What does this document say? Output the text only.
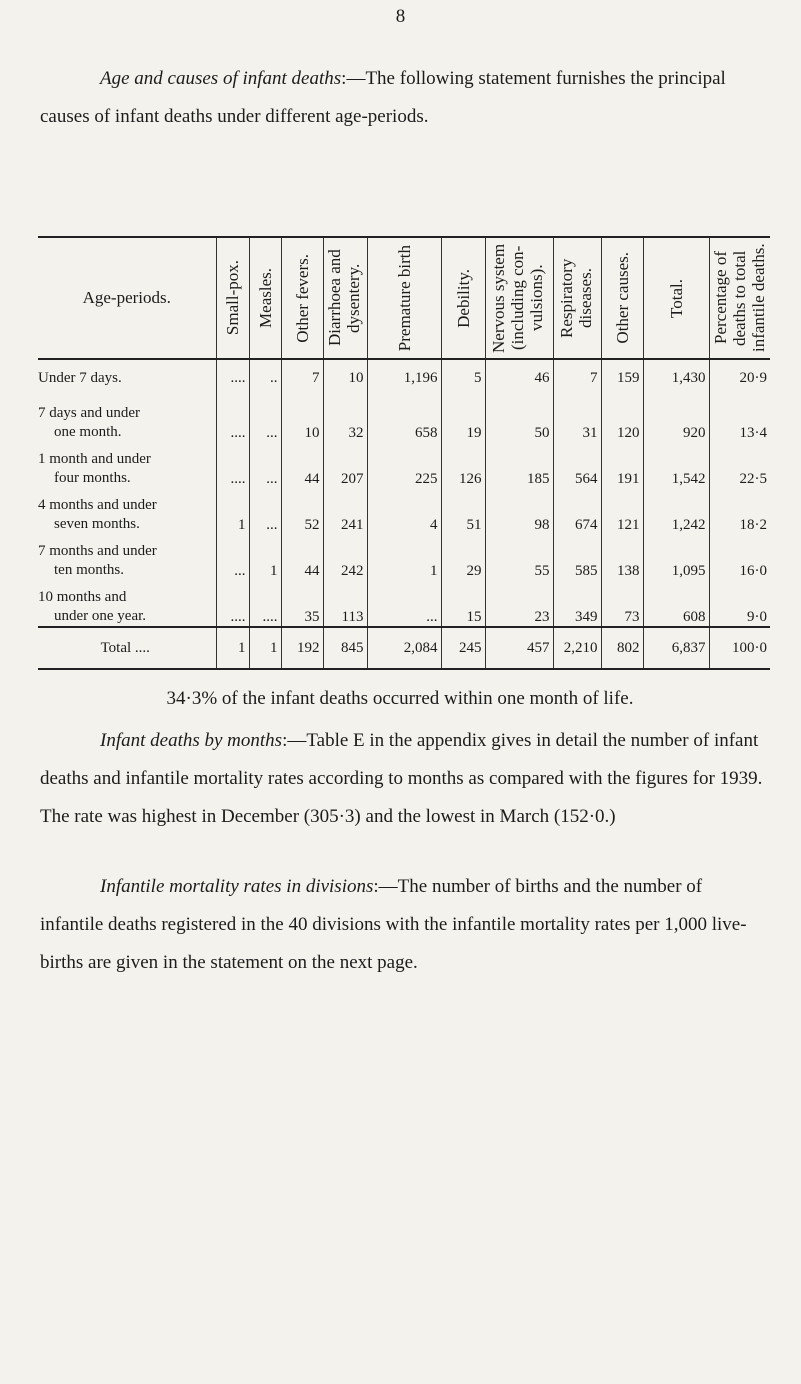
8

Age and causes of infant deaths:—The following statement furnishes the principal causes of infant deaths under different age-periods.

Age-periods.	Small-pox.	Measles.	Other fevers.	Diarrhoea and dysentery.	Premature birth	Debility.	Nervous system (including con-vulsions).	Respiratory diseases.	Other causes.	Total.	Percentage of deaths to total infantile deaths.

Under 7 days.	....	..	7	10	1,196	5	46	7	159	1,430	20·9

7 days and under
one month.	....	...	10	32	658	19	50	31	120	920	13·4

1 month and under
four months.	....	...	44	207	225	126	185	564	191	1,542	22·5

4 months and under
seven months.	1	...	52	241	4	51	98	674	121	1,242	18·2

7 months and under
ten months.	...	1	44	242	1	29	55	585	138	1,095	16·0

10 months and
under one year.	....	....	35	113	...	15	23	349	73	608	9·0
Total ....	1	1	192	845	2,084	245	457	2,210	802	6,837	100·0

34·3% of the infant deaths occurred within one month of life.

Infant deaths by months:—Table E in the appendix gives in detail the number of infant deaths and infantile mortality rates according to months as compared with the figures for 1939. The rate was highest in December (305·3) and the lowest in March (152·0.)

Infantile mortality rates in divisions:—The number of births and the number of infantile deaths registered in the 40 divisions with the infantile mortality rates per 1,000 live-births are given in the statement on the next page.
